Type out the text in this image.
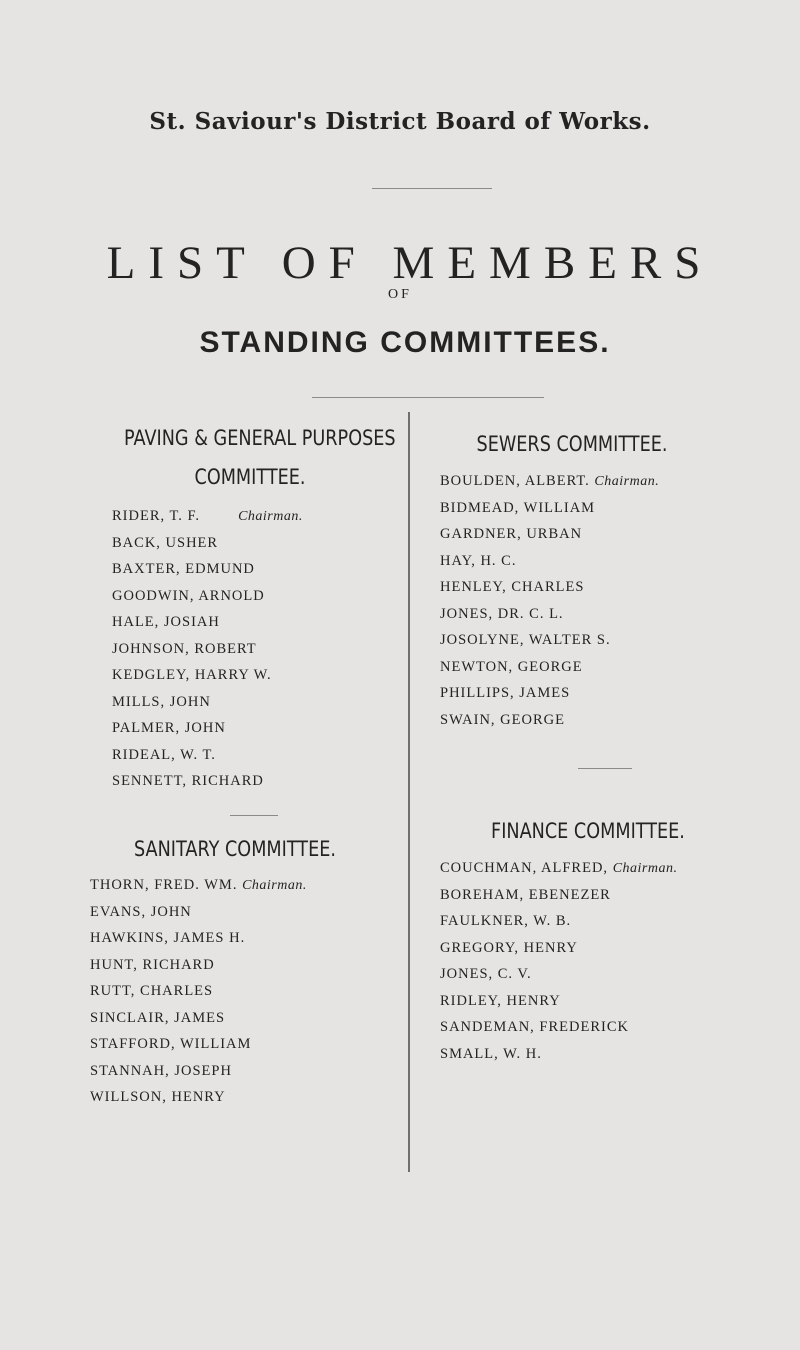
St. Saviour's District Board of Works.
LIST OF MEMBERS
OF
STANDING COMMITTEES.
PAVING & GENERAL PURPOSES
COMMITTEE.
RIDER, T. F.	Chairman.
BACK, USHER
BAXTER, EDMUND
GOODWIN, ARNOLD
HALE, JOSIAH
JOHNSON, ROBERT
KEDGLEY, HARRY W.
MILLS, JOHN
PALMER, JOHN
RIDEAL, W. T.
SENNETT, RICHARD
SEWERS COMMITTEE.
BOULDEN, ALBERT. Chairman.
BIDMEAD, WILLIAM
GARDNER, URBAN
HAY, H. C.
HENLEY, CHARLES
JONES, DR. C. L.
JOSOLYNE, WALTER S.
NEWTON, GEORGE
PHILLIPS, JAMES
SWAIN, GEORGE
SANITARY COMMITTEE.
THORN, FRED. WM. Chairman.
EVANS, JOHN
HAWKINS, JAMES H.
HUNT, RICHARD
RUTT, CHARLES
SINCLAIR, JAMES
STAFFORD, WILLIAM
STANNAH, JOSEPH
WILLSON, HENRY
FINANCE COMMITTEE.
COUCHMAN, ALFRED, Chairman.
BOREHAM, EBENEZER
FAULKNER, W. B.
GREGORY, HENRY
JONES, C. V.
RIDLEY, HENRY
SANDEMAN, FREDERICK
SMALL, W. H.
